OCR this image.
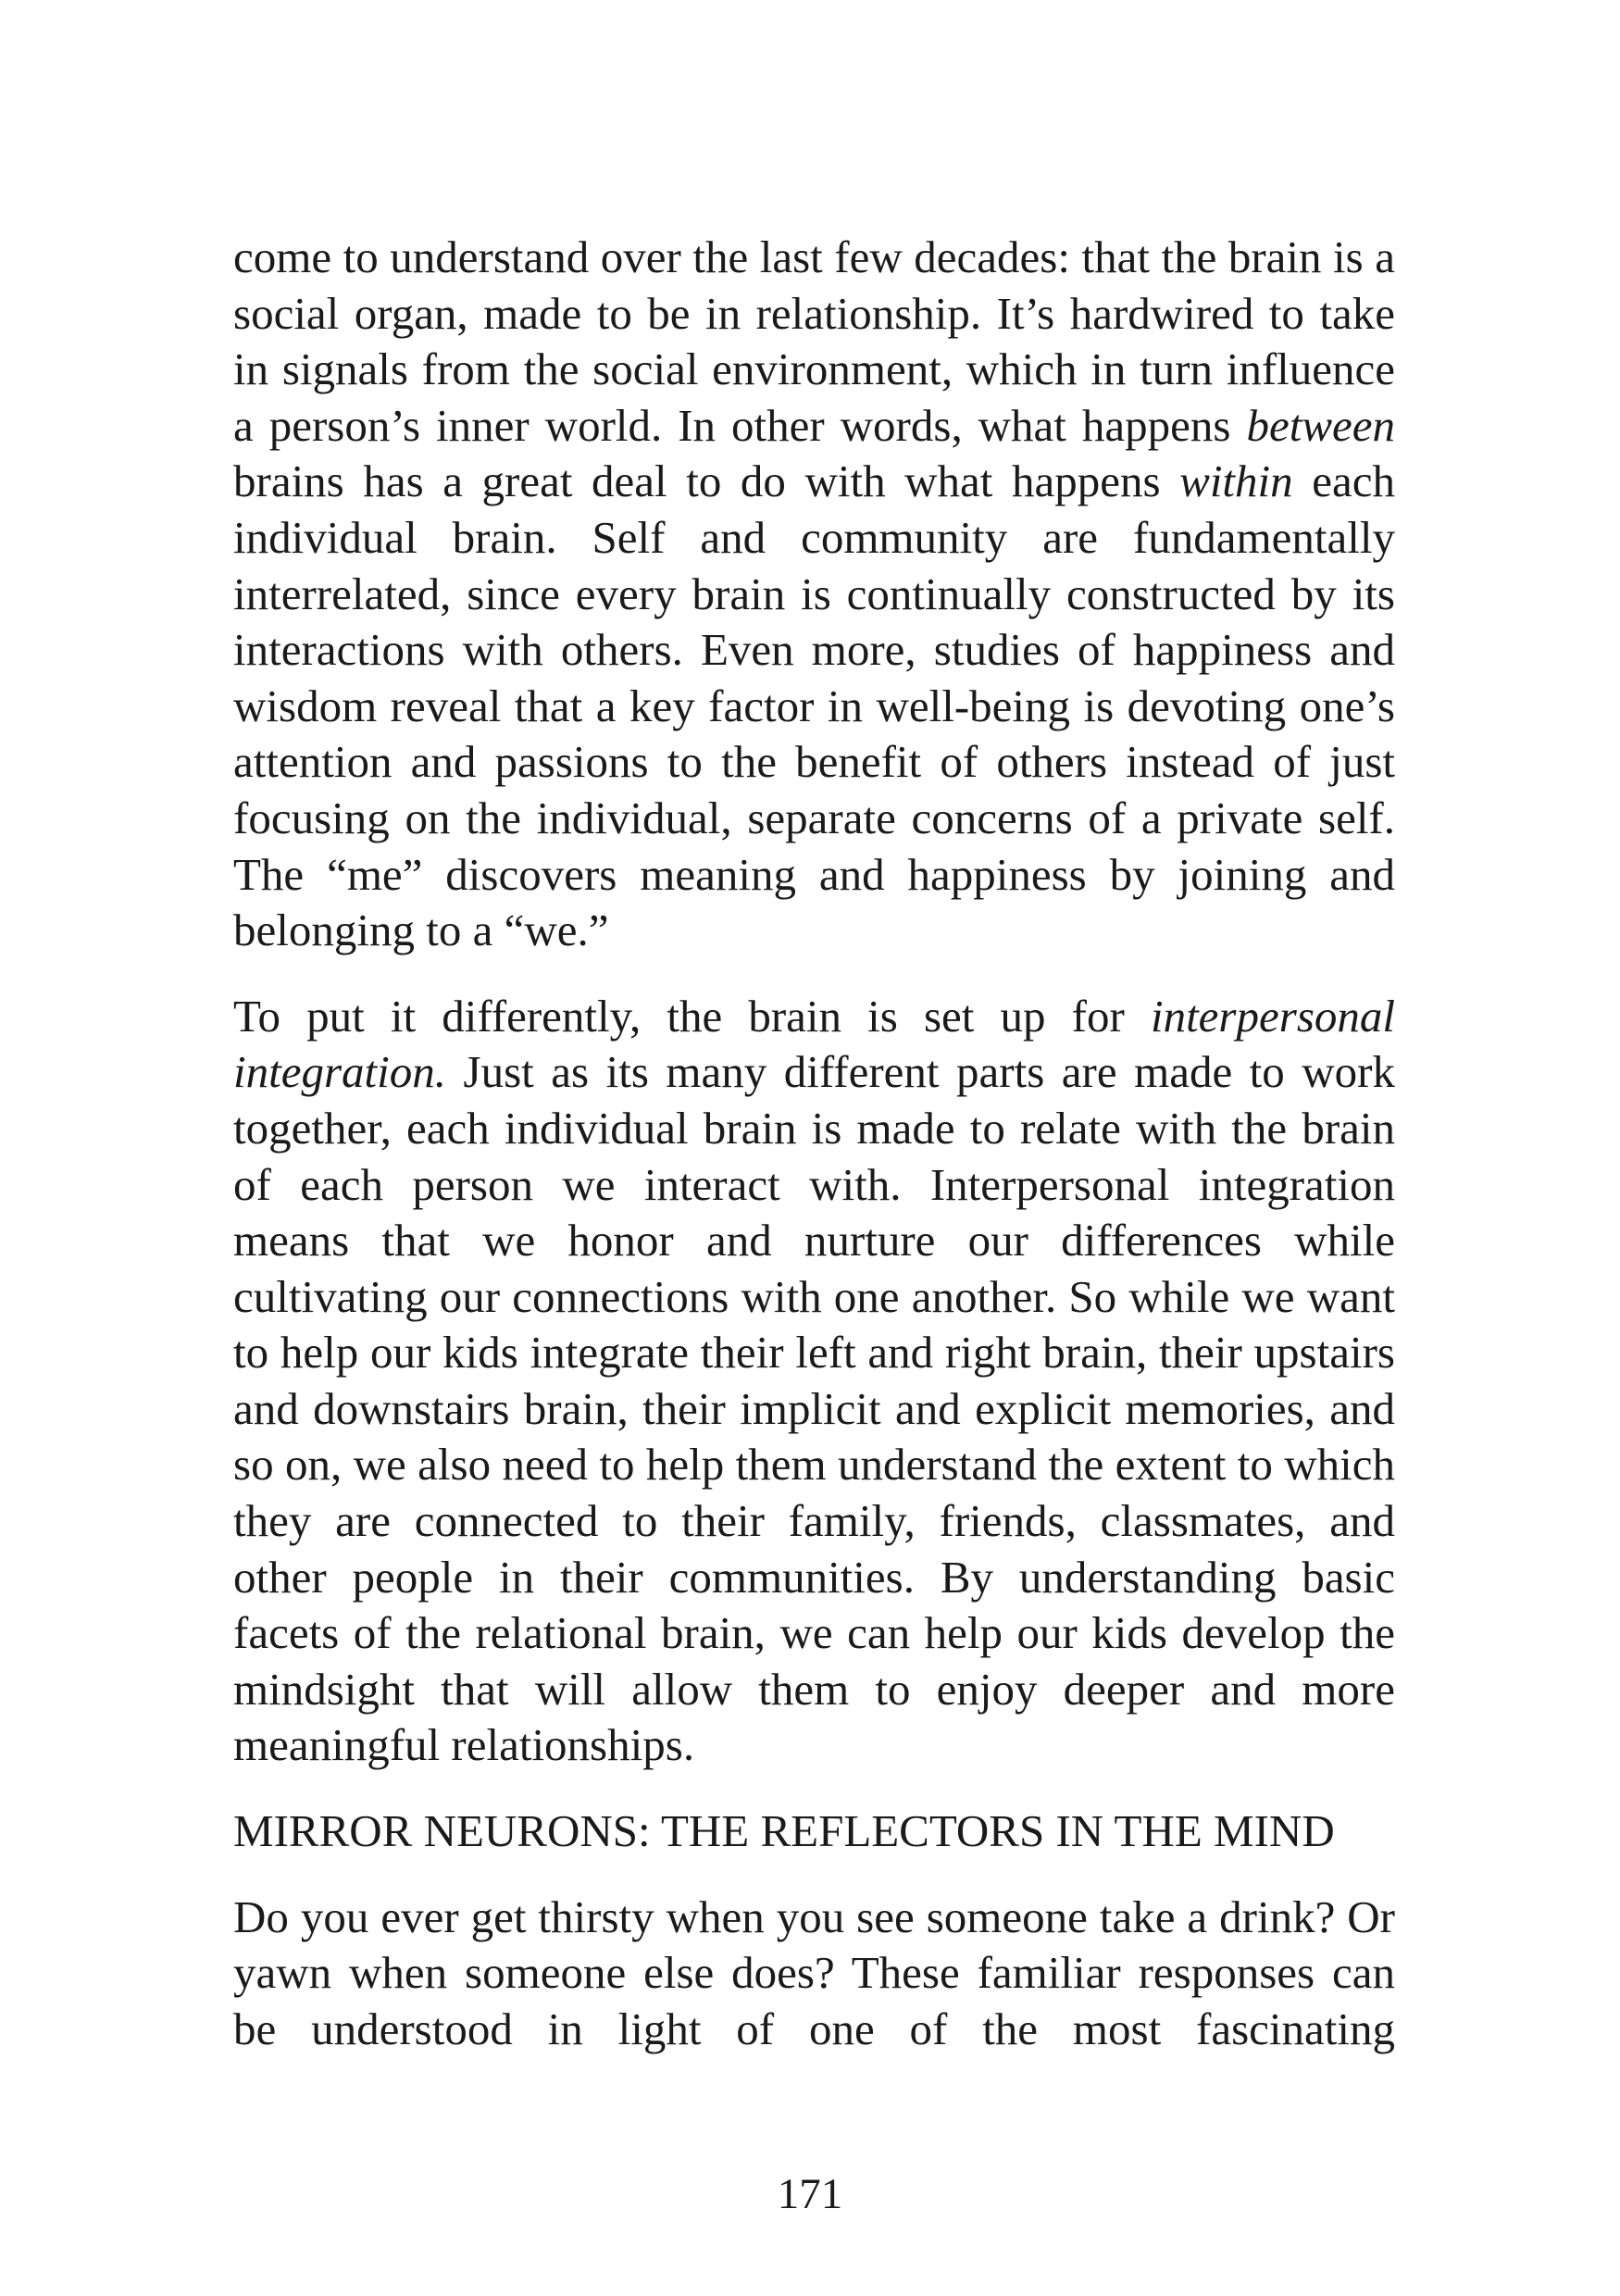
come to understand over the last few decades: that the brain is a social organ, made to be in relationship. It’s hardwired to take in signals from the social environment, which in turn influence a person’s inner world. In other words, what happens between brains has a great deal to do with what happens within each individual brain. Self and community are fundamentally interrelated, since every brain is continually constructed by its interactions with others. Even more, studies of happiness and wisdom reveal that a key factor in well-being is devoting one’s attention and passions to the benefit of others instead of just focusing on the individual, separate concerns of a private self. The “me” discovers meaning and happiness by joining and belonging to a “we.”

To put it differently, the brain is set up for interpersonal integration. Just as its many different parts are made to work together, each individual brain is made to relate with the brain of each person we interact with. Interpersonal integration means that we honor and nurture our differences while cultivating our connections with one another. So while we want to help our kids integrate their left and right brain, their upstairs and downstairs brain, their implicit and explicit memories, and so on, we also need to help them understand the extent to which they are connected to their family, friends, classmates, and other people in their communities. By understanding basic facets of the relational brain, we can help our kids develop the mindsight that will allow them to enjoy deeper and more meaningful relationships.

MIRROR NEURONS: THE REFLECTORS IN THE MIND

Do you ever get thirsty when you see someone take a drink? Or yawn when someone else does? These familiar responses can be understood in light of one of the most fascinating

171
